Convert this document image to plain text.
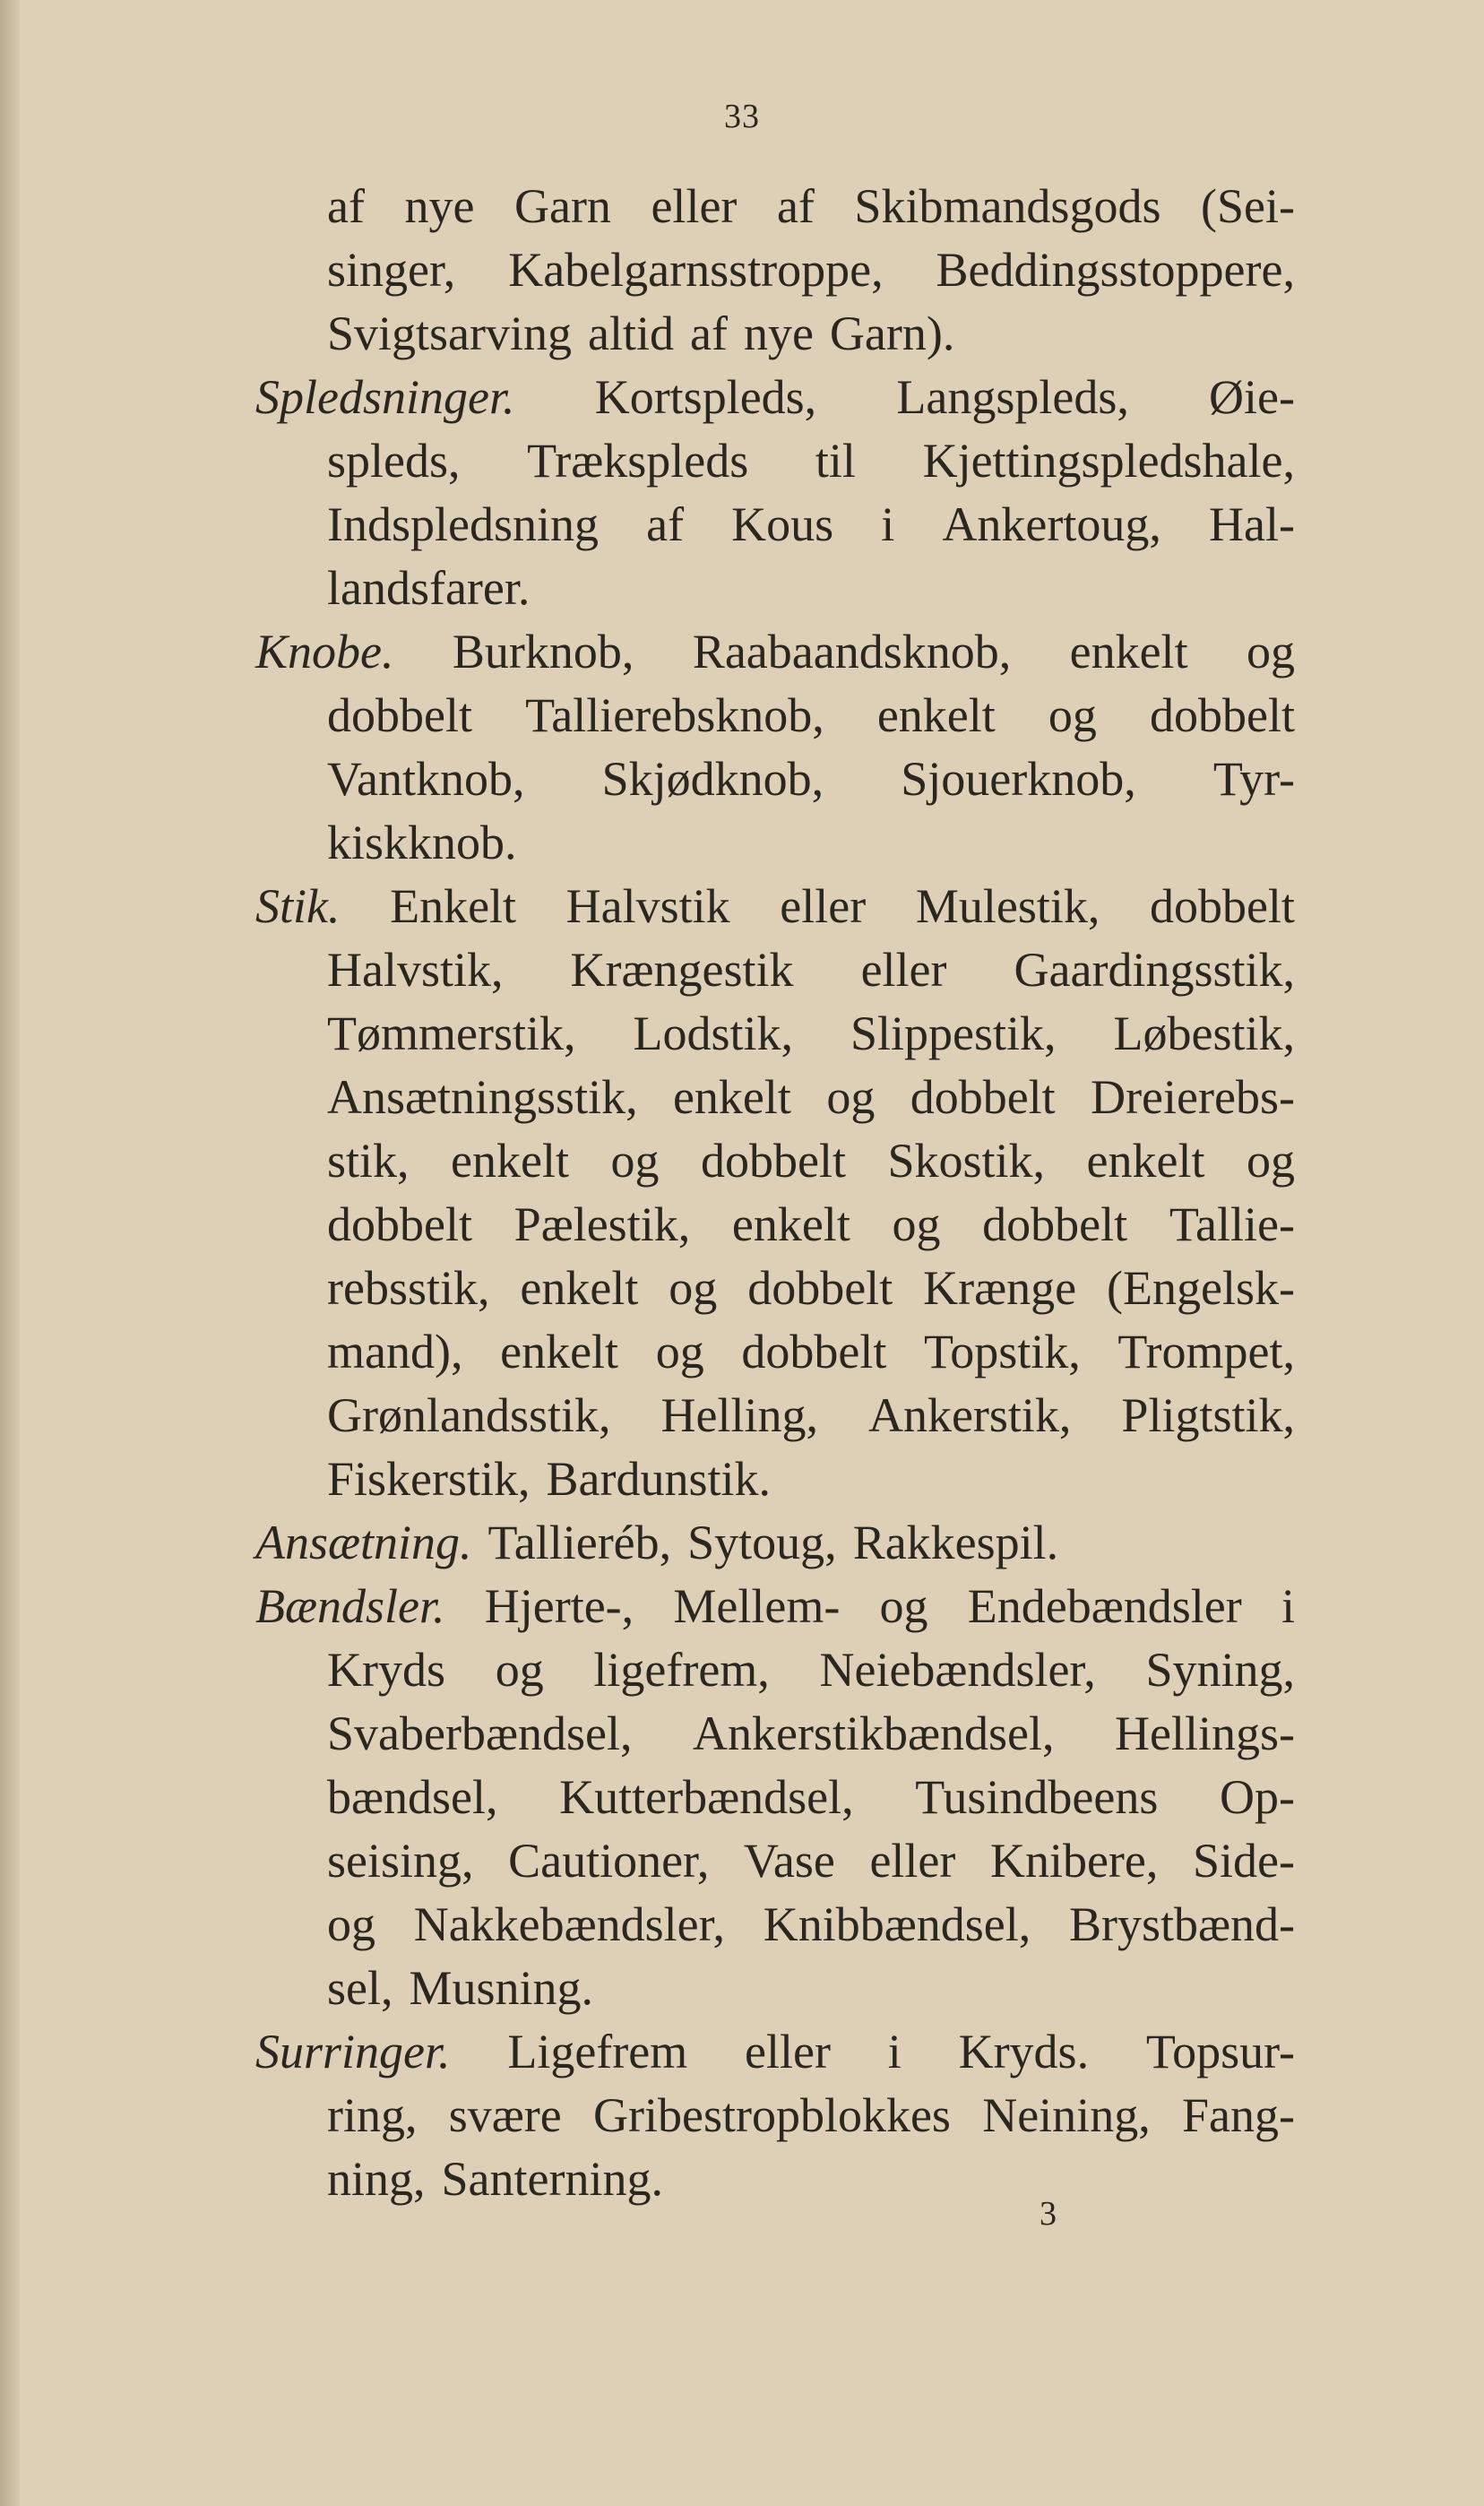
33
af nye Garn eller af Skibmandsgods (Sei-
singer, Kabelgarnsstroppe, Beddingsstoppere,
Svigtsarving altid af nye Garn).
Spledsninger. Kortspleds, Langspleds, Øie-
spleds, Trækspleds til Kjettingspledshale,
Indspledsning af Kous i Ankertoug, Hal-
landsfarer.
Knobe. Burknob, Raabaandsknob, enkelt og
dobbelt Tallierebsknob, enkelt og dobbelt
Vantknob, Skjødknob, Sjouerknob, Tyr-
kiskknob.
Stik. Enkelt Halvstik eller Mulestik, dobbelt
Halvstik, Krængestik eller Gaardingsstik,
Tømmerstik, Lodstik, Slippestik, Løbestik,
Ansætningsstik, enkelt og dobbelt Dreierebs-
stik, enkelt og dobbelt Skostik, enkelt og
dobbelt Pælestik, enkelt og dobbelt Tallie-
rebsstik, enkelt og dobbelt Krænge (Engelsk-
mand), enkelt og dobbelt Topstik, Trompet,
Grønlandsstik, Helling, Ankerstik, Pligtstik,
Fiskerstik, Bardunstik.
Ansætning. Tallieréb, Sytoug, Rakkespil.
Bændsler. Hjerte-, Mellem- og Endebændsler i
Kryds og ligefrem, Neiebændsler, Syning,
Svaberbændsel, Ankerstikbændsel, Hellings-
bændsel, Kutterbændsel, Tusindbeens Op-
seising, Cautioner, Vase eller Knibere, Side-
og Nakkebændsler, Knibbændsel, Brystbænd-
sel, Musning.
Surringer. Ligefrem eller i Kryds. Topsur-
ring, svære Gribestropblokkes Neining, Fang-
ning, Santerning.
3
